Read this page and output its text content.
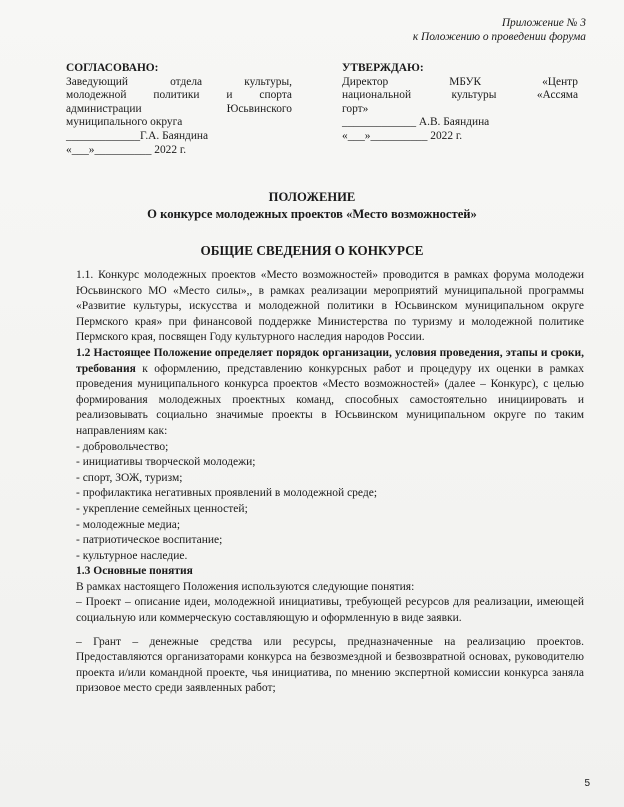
Приложение № 3
к Положению о проведении форума
СОГЛАСОВАНО:
Заведующий отдела культуры,
молодежной политики и спорта
администрации Юсьвинского
муниципального округа
_____________Г.А. Баяндина
«___»__________ 2022 г.
УТВЕРЖДАЮ:
Директор МБУК «Центр
национальной культуры «Ассяма
горт»
_____________ А.В. Баяндина
«___»__________ 2022 г.
ПОЛОЖЕНИЕ
О конкурсе молодежных проектов «Место возможностей»
ОБЩИЕ СВЕДЕНИЯ О КОНКУРСЕ

1.1. Конкурс молодежных проектов «Место возможностей» проводится в рамках форума молодежи Юсьвинского МО «Место силы»,, в рамках реализации мероприятий муниципальной программы «Развитие культуры, искусства и молодежной политики в Юсьвинском муниципальном округе Пермского края» при финансовой поддержке Министерства по туризму и молодежной политике Пермского края, посвящен Году культурного наследия народов России.

1.2 Настоящее Положение определяет порядок организации, условия проведения, этапы и сроки, требования к оформлению, представлению конкурсных работ и процедуру их оценки в рамках проведения муниципального конкурса проектов «Место возможностей» (далее – Конкурс), с целью формирования молодежных проектных команд, способных самостоятельно инициировать и реализовывать социально значимые проекты в Юсьвинском муниципальном округе по таким направлениям как:

- добровольчество;
- инициативы творческой молодежи;
- спорт, ЗОЖ, туризм;
- профилактика негативных проявлений в молодежной среде;
- укрепление семейных ценностей;
- молодежные медиа;
- патриотическое воспитание;
- культурное наследие.
1.3 Основные понятия
В рамках настоящего Положения используются следующие понятия:

– Проект – описание идеи, молодежной инициативы, требующей ресурсов для реализации, имеющей социальную или коммерческую составляющую и оформленную в виде заявки.

– Грант – денежные средства или ресурсы, предназначенные на реализацию проектов. Предоставляются организаторами конкурса на безвозмездной и безвозвратной основах, руководителю проекта и/или командной проекте, чья инициатива, по мнению экспертной комиссии конкурса заняла призовое место среди заявленных работ;

5
